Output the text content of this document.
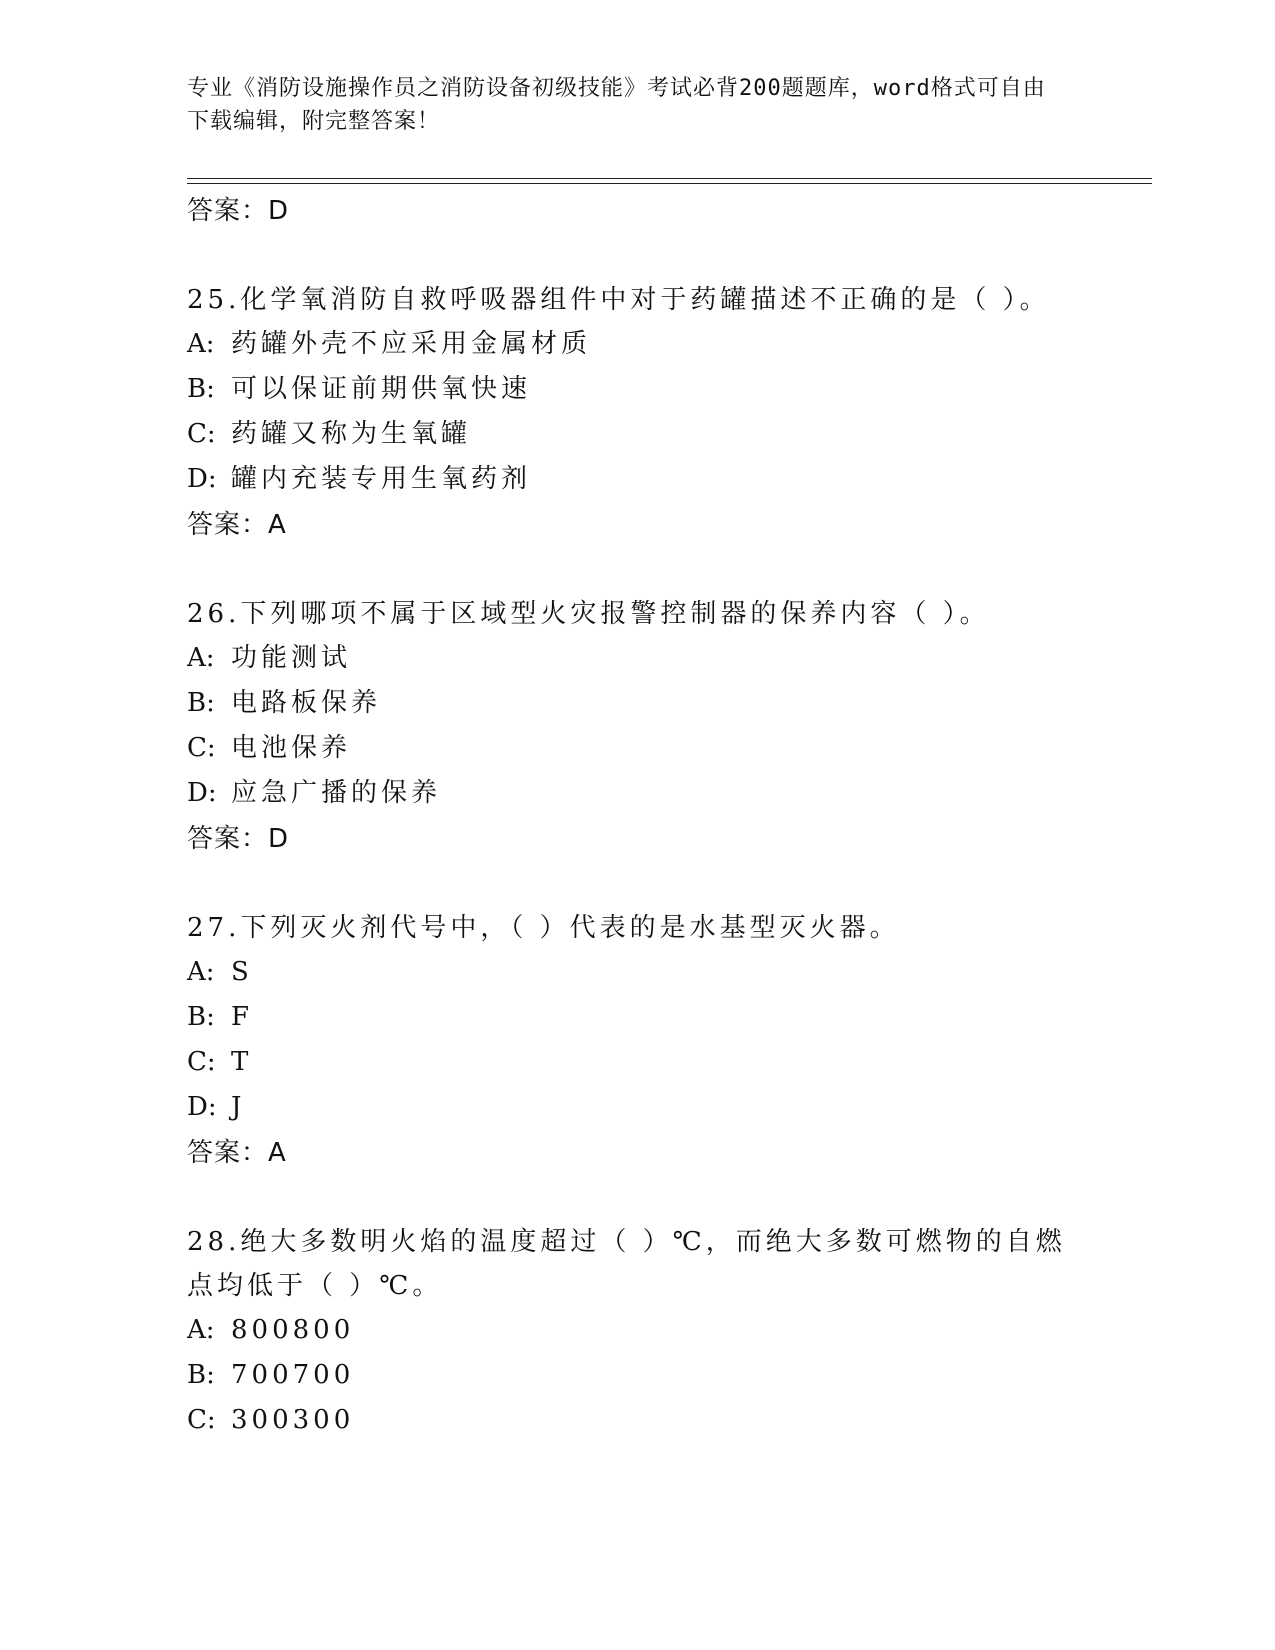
专业《消防设施操作员之消防设备初级技能》考试必背200题题库，word格式可自由下载编辑，附完整答案！

答案：D
25.化学氧消防自救呼吸器组件中对于药罐描述不正确的是（ ）。
A: 药罐外壳不应采用金属材质
B: 可以保证前期供氧快速
C: 药罐又称为生氧罐
D: 罐内充装专用生氧药剂
答案：A
26.下列哪项不属于区域型火灾报警控制器的保养内容（ ）。
A: 功能测试
B: 电路板保养
C: 电池保养
D: 应急广播的保养
答案：D
27.下列灭火剂代号中，（ ）代表的是水基型灭火器。
A: S
B: F
C: T
D: J
答案：A
28.绝大多数明火焰的温度超过（ ）℃，而绝大多数可燃物的自燃点均低于（ ）℃。
A: 800800
B: 700700
C: 300300
